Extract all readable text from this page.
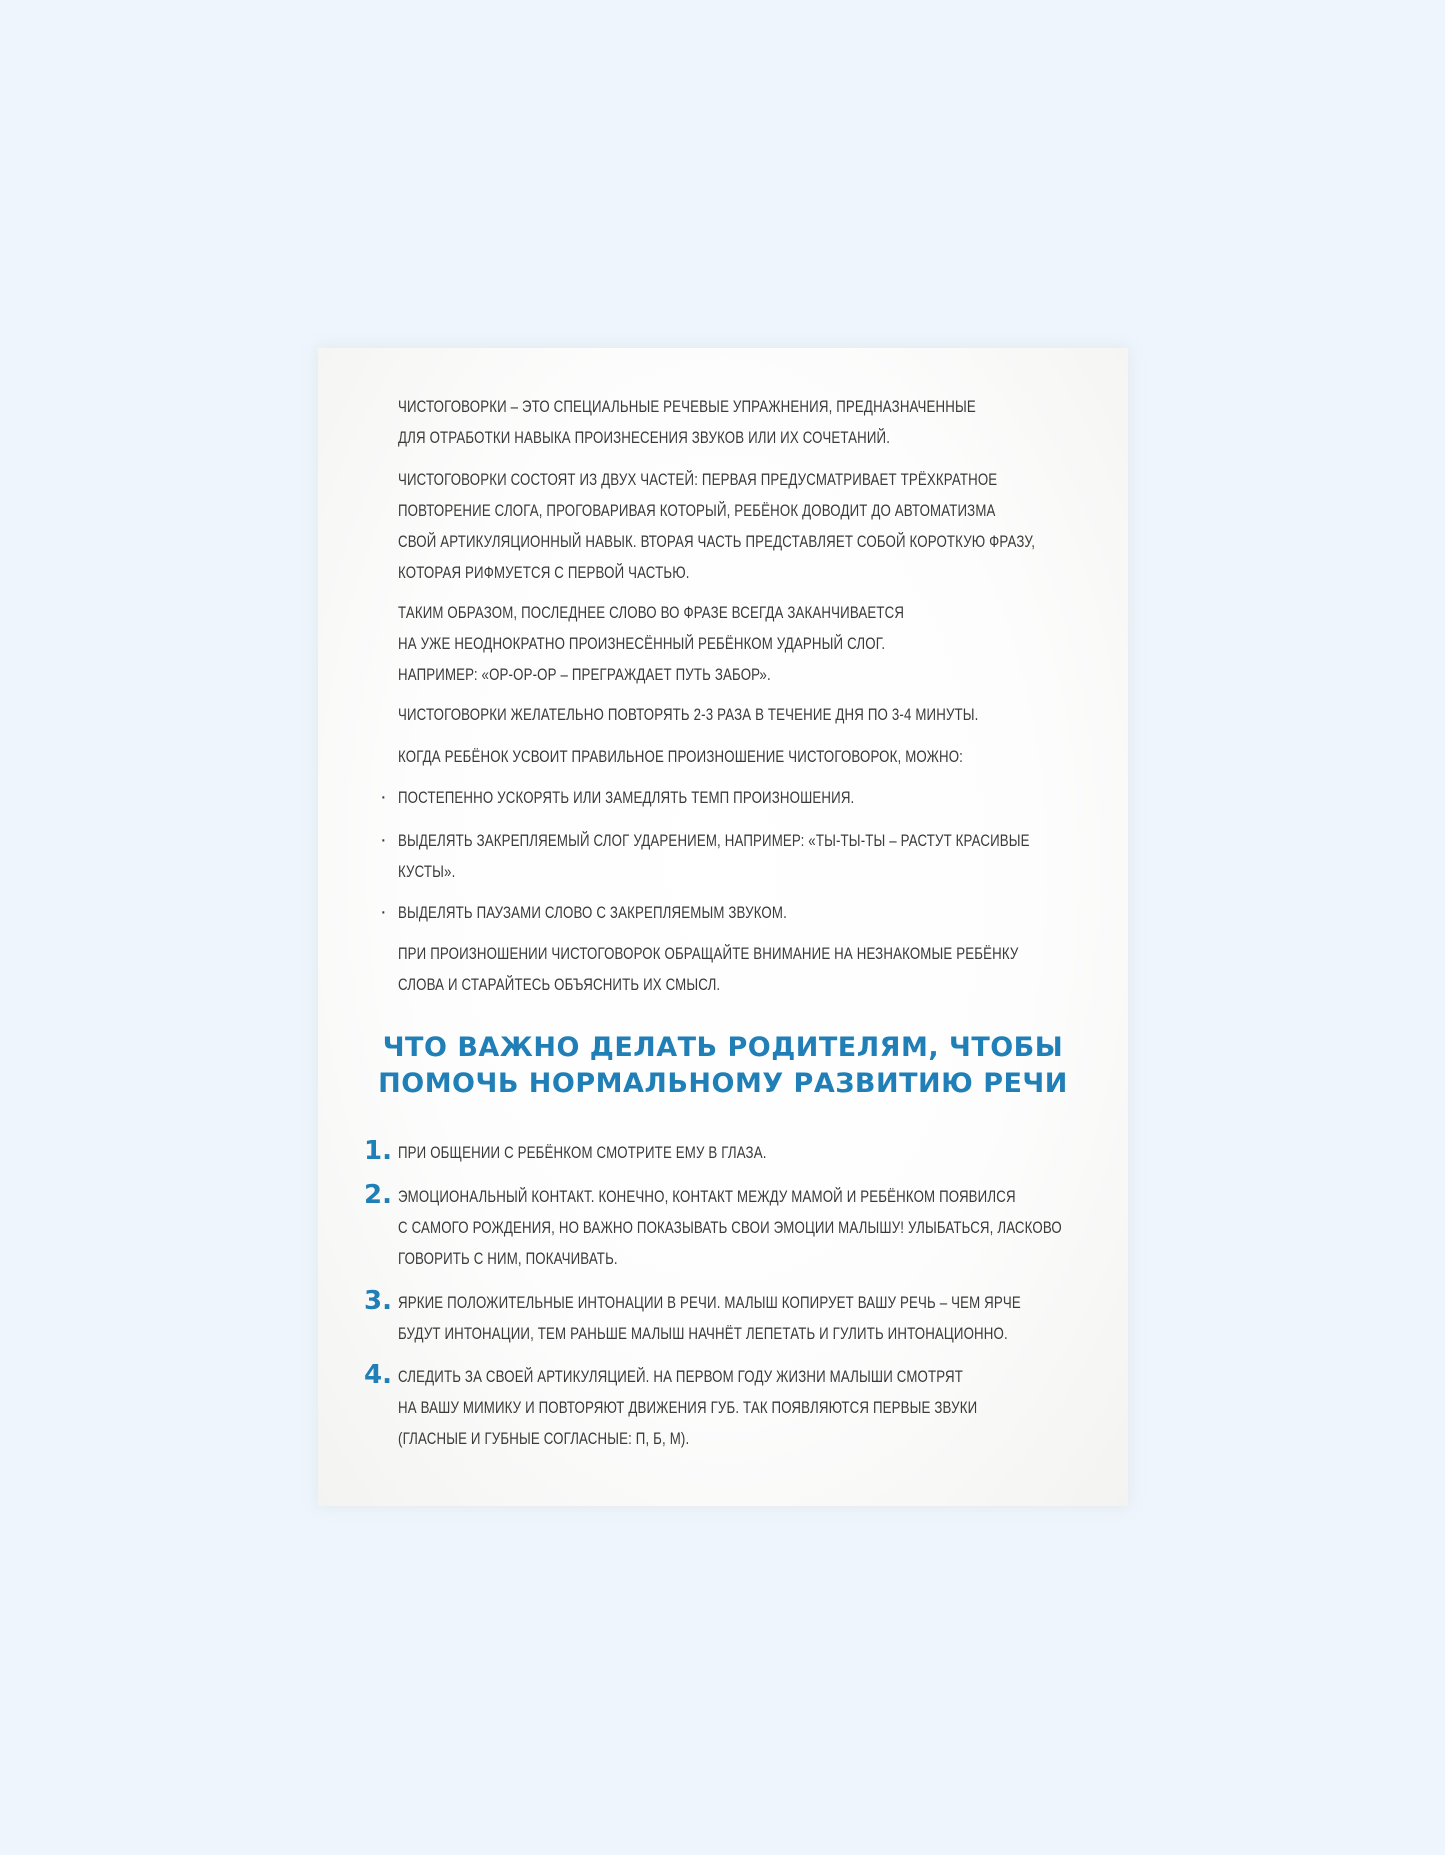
ЧИСТОГОВОРКИ – ЭТО СПЕЦИАЛЬНЫЕ РЕЧЕВЫЕ УПРАЖНЕНИЯ, ПРЕДНАЗНАЧЕННЫЕ
ДЛЯ ОТРАБОТКИ НАВЫКА ПРОИЗНЕСЕНИЯ ЗВУКОВ ИЛИ ИХ СОЧЕТАНИЙ.
ЧИСТОГОВОРКИ СОСТОЯТ ИЗ ДВУХ ЧАСТЕЙ: ПЕРВАЯ ПРЕДУСМАТРИВАЕТ ТРЁХКРАТНОЕ
ПОВТОРЕНИЕ СЛОГА, ПРОГОВАРИВАЯ КОТОРЫЙ, РЕБЁНОК ДОВОДИТ ДО АВТОМАТИЗМА
СВОЙ АРТИКУЛЯЦИОННЫЙ НАВЫК. ВТОРАЯ ЧАСТЬ ПРЕДСТАВЛЯЕТ СОБОЙ КОРОТКУЮ ФРАЗУ,
КОТОРАЯ РИФМУЕТСЯ С ПЕРВОЙ ЧАСТЬЮ.
ТАКИМ ОБРАЗОМ, ПОСЛЕДНЕЕ СЛОВО ВО ФРАЗЕ ВСЕГДА ЗАКАНЧИВАЕТСЯ
НА УЖЕ НЕОДНОКРАТНО ПРОИЗНЕСЁННЫЙ РЕБЁНКОМ УДАРНЫЙ СЛОГ.
НАПРИМЕР: «ОР-ОР-ОР – ПРЕГРАЖДАЕТ ПУТЬ ЗАБОР».
ЧИСТОГОВОРКИ ЖЕЛАТЕЛЬНО ПОВТОРЯТЬ 2-3 РАЗА В ТЕЧЕНИЕ ДНЯ ПО 3-4 МИНУТЫ.
КОГДА РЕБЁНОК УСВОИТ ПРАВИЛЬНОЕ ПРОИЗНОШЕНИЕ ЧИСТОГОВОРОК, МОЖНО:
· ПОСТЕПЕННО УСКОРЯТЬ ИЛИ ЗАМЕДЛЯТЬ ТЕМП ПРОИЗНОШЕНИЯ.
· ВЫДЕЛЯТЬ ЗАКРЕПЛЯЕМЫЙ СЛОГ УДАРЕНИЕМ, НАПРИМЕР: «ТЫ-ТЫ-ТЫ – РАСТУТ КРАСИВЫЕ
КУСТЫ».
· ВЫДЕЛЯТЬ ПАУЗАМИ СЛОВО С ЗАКРЕПЛЯЕМЫМ ЗВУКОМ.
ПРИ ПРОИЗНОШЕНИИ ЧИСТОГОВОРОК ОБРАЩАЙТЕ ВНИМАНИЕ НА НЕЗНАКОМЫЕ РЕБЁНКУ
СЛОВА И СТАРАЙТЕСЬ ОБЪЯСНИТЬ ИХ СМЫСЛ.
ЧТО ВАЖНО ДЕЛАТЬ РОДИТЕЛЯМ, ЧТОБЫ
ПОМОЧЬ НОРМАЛЬНОМУ РАЗВИТИЮ РЕЧИ
1. ПРИ ОБЩЕНИИ С РЕБЁНКОМ СМОТРИТЕ ЕМУ В ГЛАЗА.
2. ЭМОЦИОНАЛЬНЫЙ КОНТАКТ. КОНЕЧНО, КОНТАКТ МЕЖДУ МАМОЙ И РЕБЁНКОМ ПОЯВИЛСЯ
С САМОГО РОЖДЕНИЯ, НО ВАЖНО ПОКАЗЫВАТЬ СВОИ ЭМОЦИИ МАЛЫШУ! УЛЫБАТЬСЯ, ЛАСКОВО
ГОВОРИТЬ С НИМ, ПОКАЧИВАТЬ.
3. ЯРКИЕ ПОЛОЖИТЕЛЬНЫЕ ИНТОНАЦИИ В РЕЧИ. МАЛЫШ КОПИРУЕТ ВАШУ РЕЧЬ – ЧЕМ ЯРЧЕ
БУДУТ ИНТОНАЦИИ, ТЕМ РАНЬШЕ МАЛЫШ НАЧНЁТ ЛЕПЕТАТЬ И ГУЛИТЬ ИНТОНАЦИОННО.
4. СЛЕДИТЬ ЗА СВОЕЙ АРТИКУЛЯЦИЕЙ. НА ПЕРВОМ ГОДУ ЖИЗНИ МАЛЫШИ СМОТРЯТ
НА ВАШУ МИМИКУ И ПОВТОРЯЮТ ДВИЖЕНИЯ ГУБ. ТАК ПОЯВЛЯЮТСЯ ПЕРВЫЕ ЗВУКИ
(ГЛАСНЫЕ И ГУБНЫЕ СОГЛАСНЫЕ: П, Б, М).
